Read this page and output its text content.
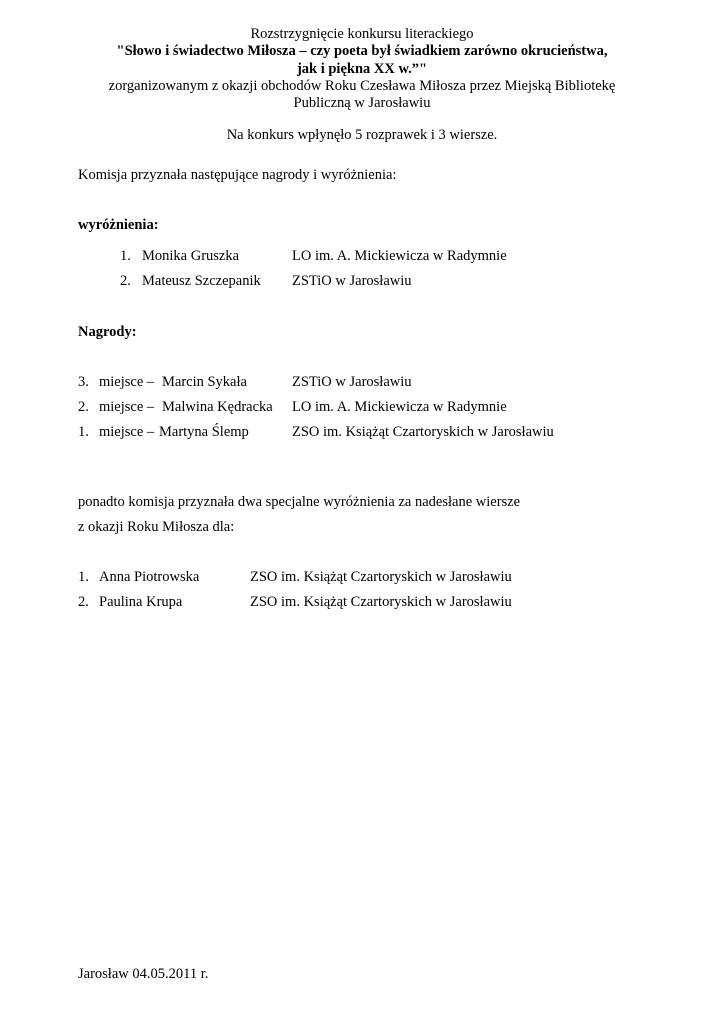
Rozstrzygnięcie konkursu literackiego
"Słowo i świadectwo Miłosza – czy poeta był świadkiem zarówno okrucieństwa,
jak i piękna XX w.”"
zorganizowanym z okazji obchodów Roku Czesława Miłosza przez Miejską Bibliotekę
Publiczną w Jarosławiu
Na konkurs wpłynęło 5 rozprawek i 3 wiersze.
Komisja przyznała następujące nagrody i wyróżnienia:
wyróżnienia:
1. Monika Gruszka	LO im. A. Mickiewicza w Radymnie
2. Mateusz Szczepanik ZSTiO w Jarosławiu
Nagrody:
3. miejsce – Marcin Sykała	ZSTiO w Jarosławiu
2. miejsce – Malwina Kędracka LO im. A. Mickiewicza w Radymnie
1. miejsce – Martyna Ślemp	ZSO im. Książąt Czartoryskich w Jarosławiu
ponadto komisja przyznała dwa specjalne wyróżnienia za nadesłane wiersze
z okazji Roku Miłosza dla:
1. Anna Piotrowska	ZSO im. Książąt Czartoryskich w Jarosławiu
2. Paulina Krupa	ZSO im. Książąt Czartoryskich w Jarosławiu
Jarosław 04.05.2011 r.
